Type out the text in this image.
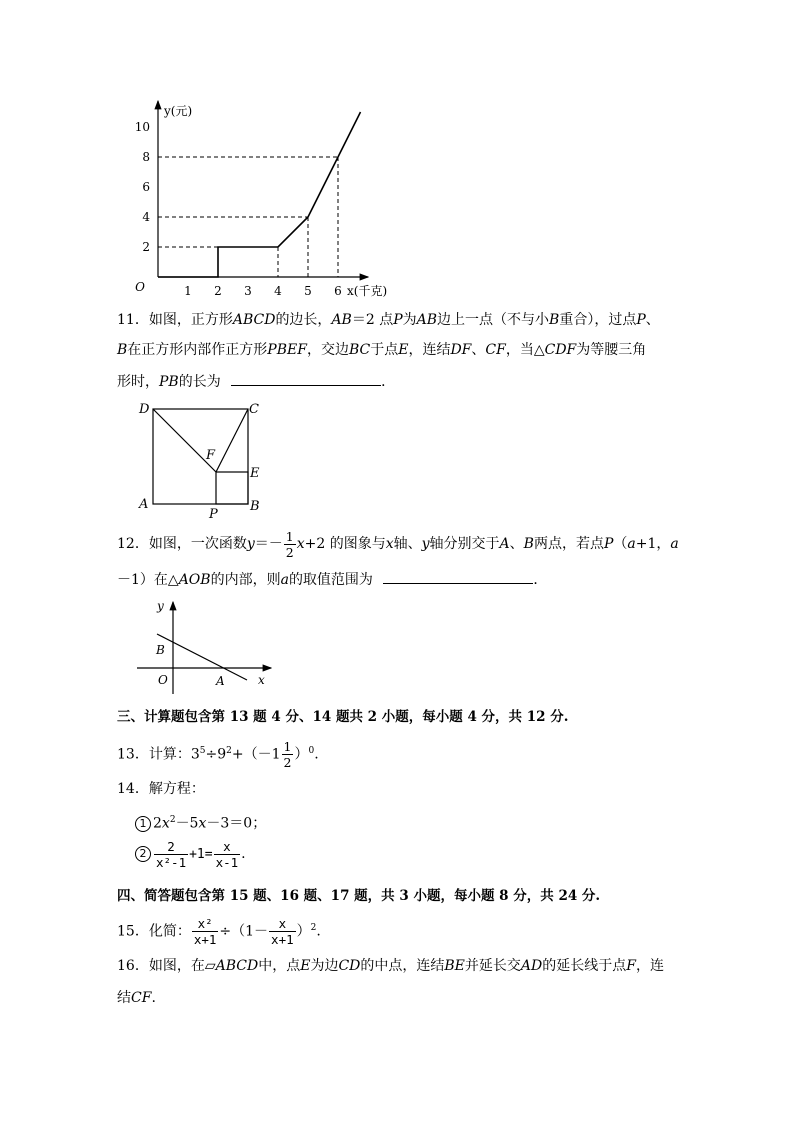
10
8
6
4
2
1 2 3 4 5 6
O
y(元)
x(千克)
11．如图，正方形ABCD的边长，AB＝2 点P为AB边上一点（不与小B重合），过点P、
B在正方形内部作正方形PBEF，交边BC于点E，连结DF、CF，当△CDF为等腰三角
形时，PB的长为	．
D	C
F
E
A	B
P
12．如图，一次函数$y=- \frac{1}{2} x+2$ 的图象与x轴、y轴分别交于A、B两点，若点P（a+1，a
－1）在△AOB的内部，则a的取值范围为	．
y
x
B
O	A
三、计算题包含第 13 题 4 分、14 题共 2 小题，每小题 4 分，共 12 分.
13．计算：$3^5\div 9^2+(-1 \frac{1}{2} )^0$.
14．解方程：
1 $2x^2-5x-3=0$；
$2 \frac{2}{\text{x²-1}} +1= \frac{x}{x-1}$ .
四、简答题包含第 15 题、16 题、17 题，共 3 小题，每小题 8 分，共 24 分.
15．化简： $\frac{\text{x²}}{x+1} \div(1- \frac{x}{x+1} )^2$.
16．如图，在▱ABCD中，点E为边CD的中点，连结BE并延长交AD的延长线于点F，连
结CF.
